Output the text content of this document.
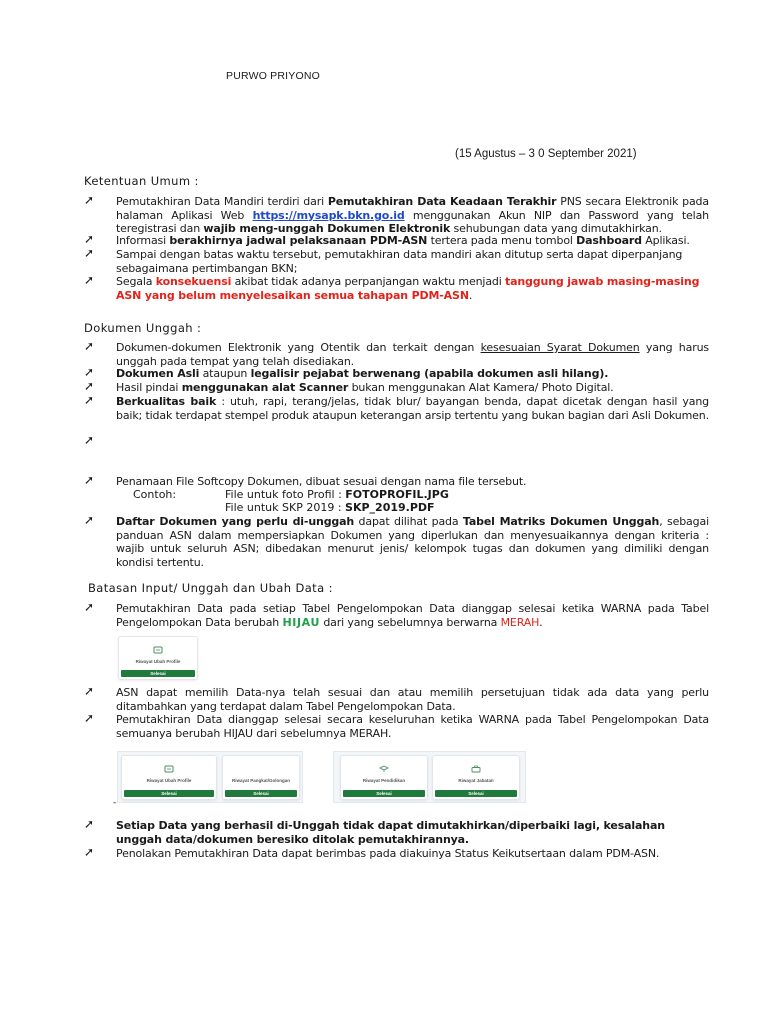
PURWO PRIYONO
(15 Agustus – 3 0 September 2021)
Ketentuan Umum :
➚	Pemutakhiran Data Mandiri terdiri dari Pemutakhiran Data Keadaan Terakhir PNS secara Elektronik pada halaman Aplikasi Web https://mysapk.bkn.go.id menggunakan Akun NIP dan Password yang telah teregistrasi dan wajib meng-unggah Dokumen Elektronik sehubungan data yang dimutakhirkan.
➚	Informasi berakhirnya jadwal pelaksanaan PDM-ASN tertera pada menu tombol Dashboard Aplikasi.
➚	Sampai dengan batas waktu tersebut, pemutakhiran data mandiri akan ditutup serta dapat diperpanjang sebagaimana pertimbangan BKN;
➚	Segala konsekuensi akibat tidak adanya perpanjangan waktu menjadi tanggung jawab masing-masing ASN yang belum menyelesaikan semua tahapan PDM-ASN.
Dokumen Unggah :
➚	Dokumen-dokumen Elektronik yang Otentik dan terkait dengan kesesuaian Syarat Dokumen yang harus unggah pada tempat yang telah disediakan.
➚	Dokumen Asli ataupun legalisir pejabat berwenang (apabila dokumen asli hilang).
➚	Hasil pindai menggunakan alat Scanner bukan menggunakan Alat Kamera/ Photo Digital.
➚	Berkualitas baik : utuh, rapi, terang/jelas, tidak blur/ bayangan benda, dapat dicetak dengan hasil yang baik; tidak terdapat stempel produk ataupun keterangan arsip tertentu yang bukan bagian dari Asli Dokumen.
➚
➚	Penamaan File Softcopy Dokumen, dibuat sesuai dengan nama file tersebut.
Contoh:	File untuk foto Profil : FOTOPROFIL.JPG
File untuk SKP 2019 : SKP_2019.PDF
➚	Daftar Dokumen yang perlu di-unggah dapat dilihat pada Tabel Matriks Dokumen Unggah, sebagai panduan ASN dalam mempersiapkan Dokumen yang diperlukan dan menyesuaikannya dengan kriteria : wajib untuk seluruh ASN; dibedakan menurut jenis/ kelompok tugas dan dokumen yang dimiliki dengan kondisi tertentu.
Batasan Input/ Unggah dan Ubah Data :
➚	Pemutakhiran Data pada setiap Tabel Pengelompokan Data dianggap selesai ketika WARNA pada Tabel Pengelompokan Data berubah HIJAU dari yang sebelumnya berwarna MERAH.
Riwayat Ubah Profile
Selesai
➚	ASN dapat memilih Data-nya telah sesuai dan atau memilih persetujuan tidak ada data yang perlu ditambahkan yang terdapat dalam Tabel Pengelompokan Data.
➚	Pemutakhiran Data dianggap selesai secara keseluruhan ketika WARNA pada Tabel Pengelompokan Data semuanya berubah HIJAU dari sebelumnya MERAH.
Riwayat Ubah Profile
Selesai
Riwayat Pangkat/Golongan
Selesai
Riwayat Pendidikan
Selesai
Riwayat Jabatan
Selesai
-
➚	Setiap Data yang berhasil di-Unggah tidak dapat dimutakhirkan/diperbaiki lagi, kesalahan unggah data/dokumen beresiko ditolak pemutakhirannya.
➚	Penolakan Pemutakhiran Data dapat berimbas pada diakuinya Status Keikutsertaan dalam PDM-ASN.
